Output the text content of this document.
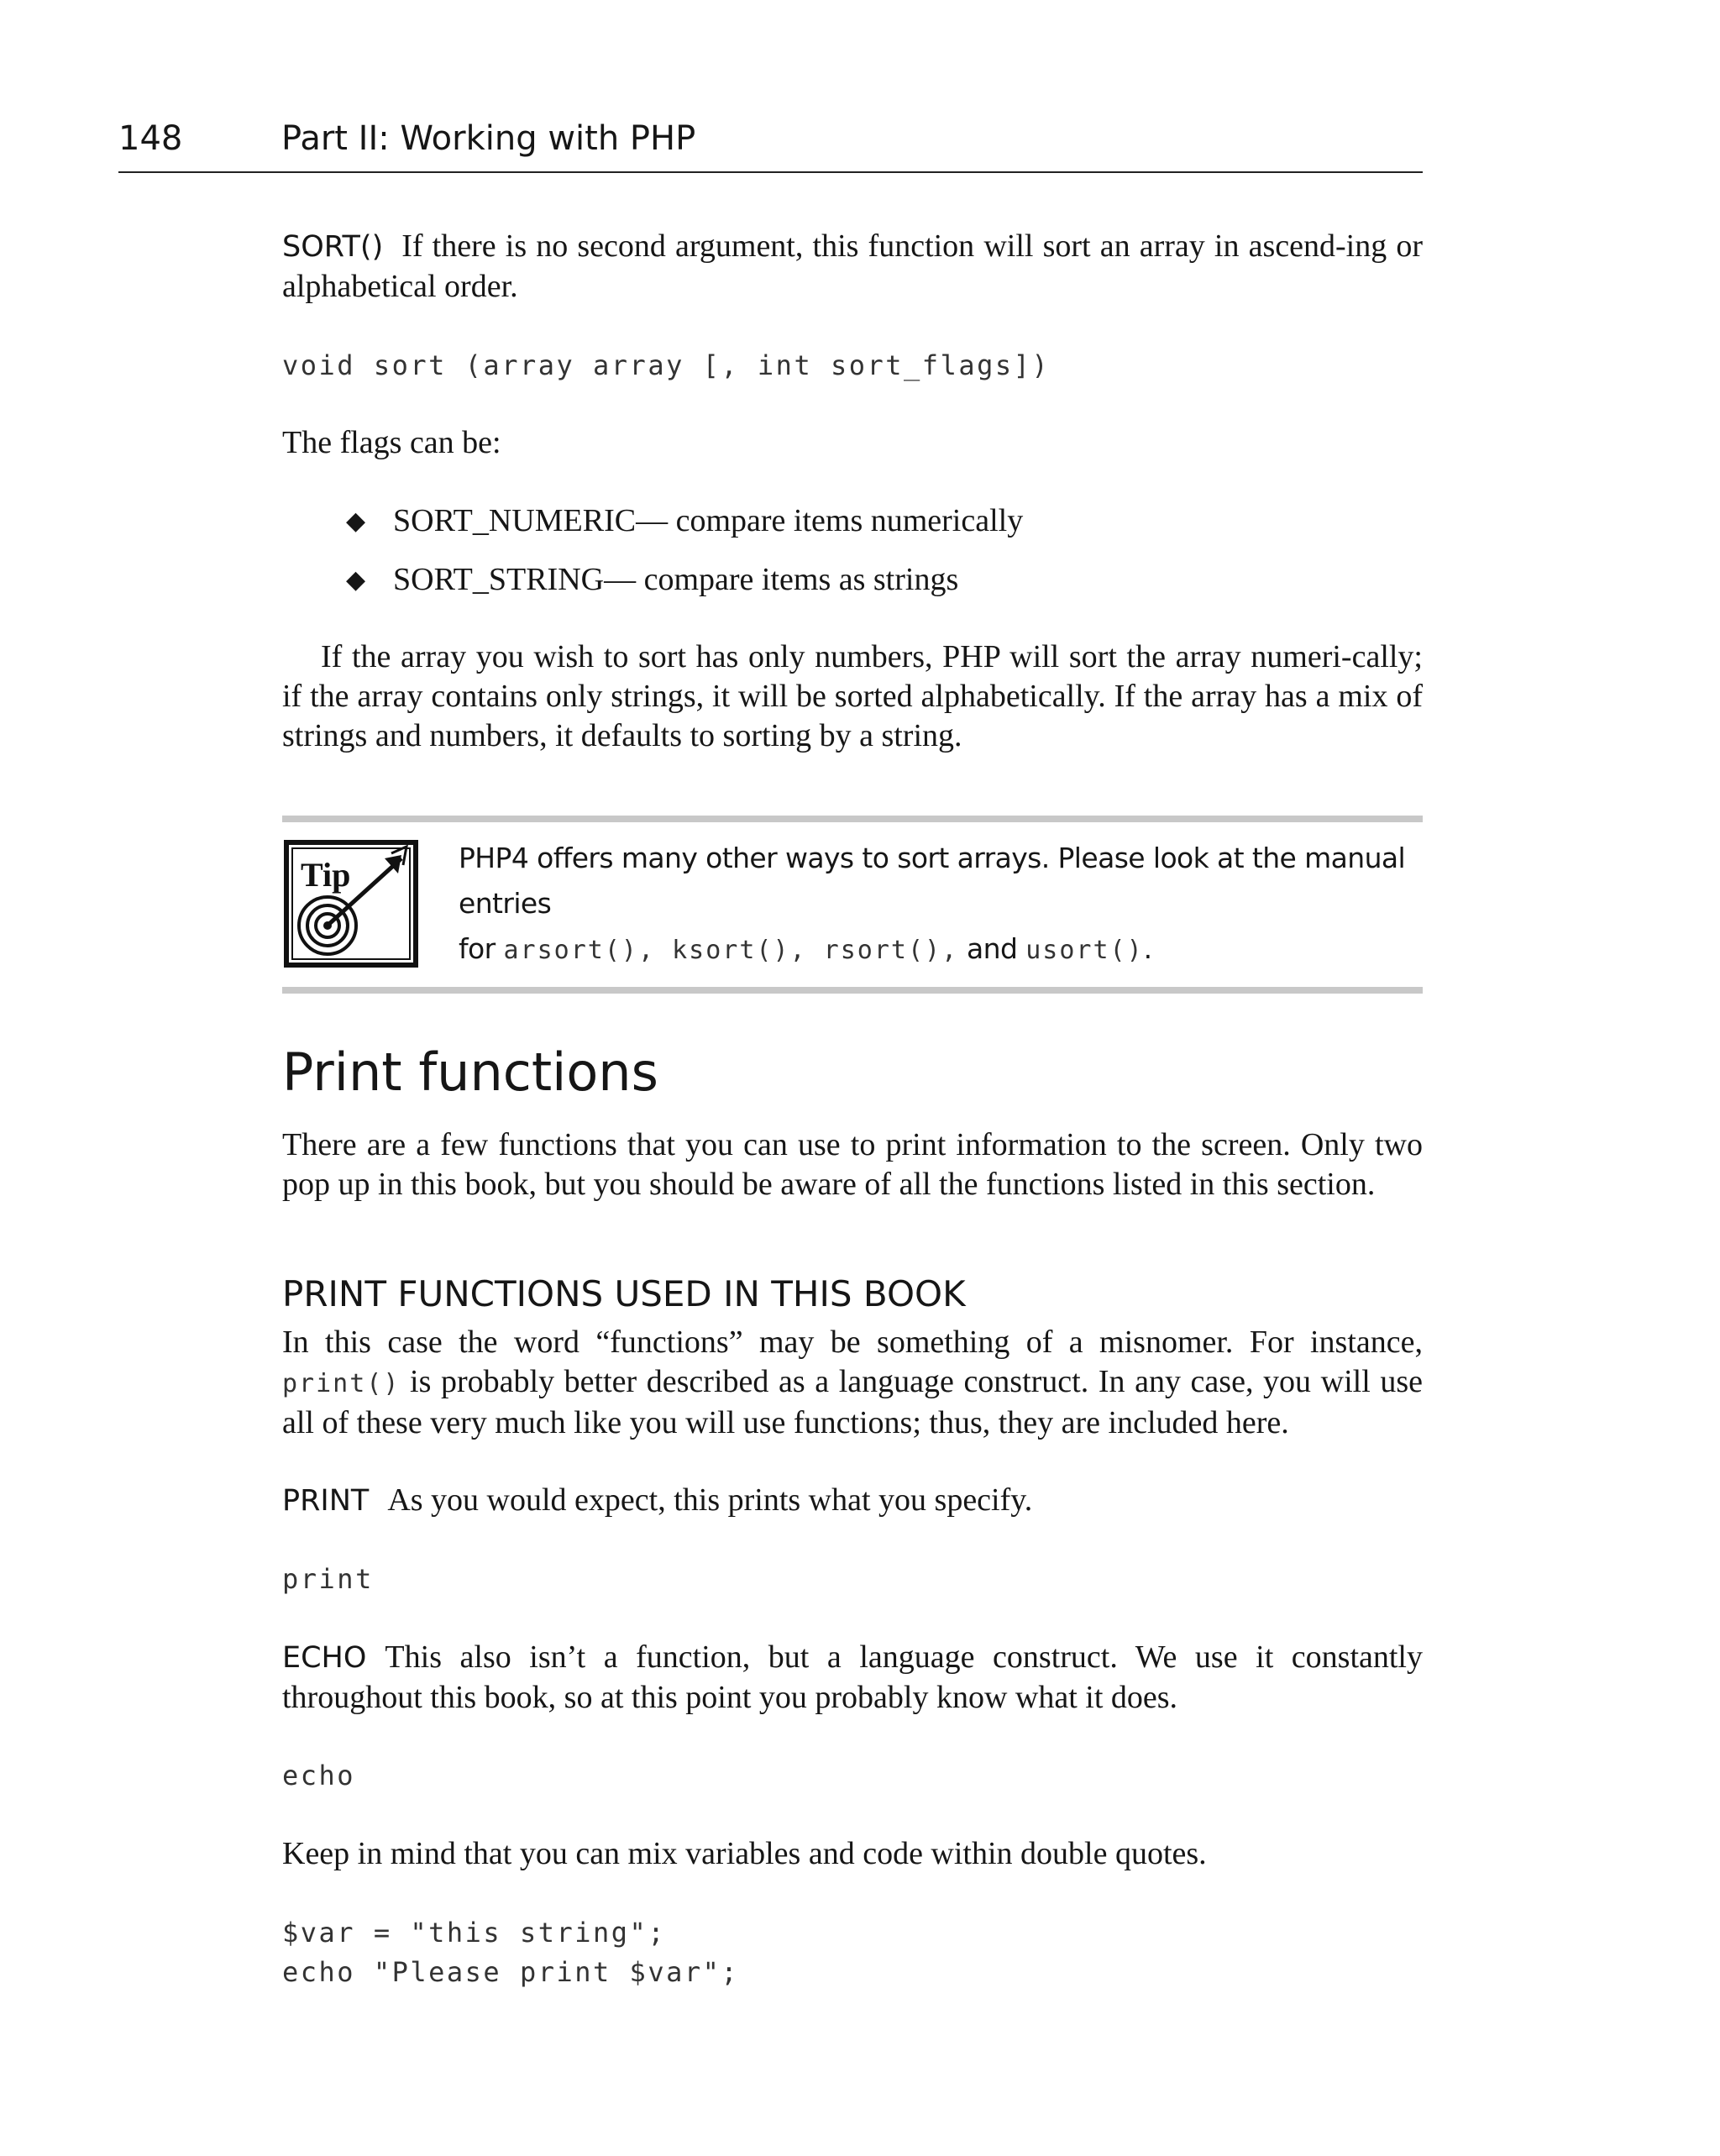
148	Part II: Working with PHP

SORT() If there is no second argument, this function will sort an array in ascend-ing or alphabetical order.

void sort (array array [, int sort_flags])

The flags can be:

◆ SORT_NUMERIC— compare items numerically
◆ SORT_STRING— compare items as strings

If the array you wish to sort has only numbers, PHP will sort the array numeri-cally; if the array contains only strings, it will be sorted alphabetically. If the array has a mix of strings and numbers, it defaults to sorting by a string.

Tip	PHP4 offers many other ways to sort arrays. Please look at the manual entries
for arsort(), ksort(), rsort(), and usort().
Print functions

There are a few functions that you can use to print information to the screen. Only two pop up in this book, but you should be aware of all the functions listed in this section.

PRINT FUNCTIONS USED IN THIS BOOK

In this case the word “functions” may be something of a misnomer. For instance, print() is probably better described as a language construct. In any case, you will use all of these very much like you will use functions; thus, they are included here.

PRINT As you would expect, this prints what you specify.

print

ECHO This also isn’t a function, but a language construct. We use it constantly throughout this book, so at this point you probably know what it does.

echo

Keep in mind that you can mix variables and code within double quotes.

$var = "this string";

echo "Please print $var";
